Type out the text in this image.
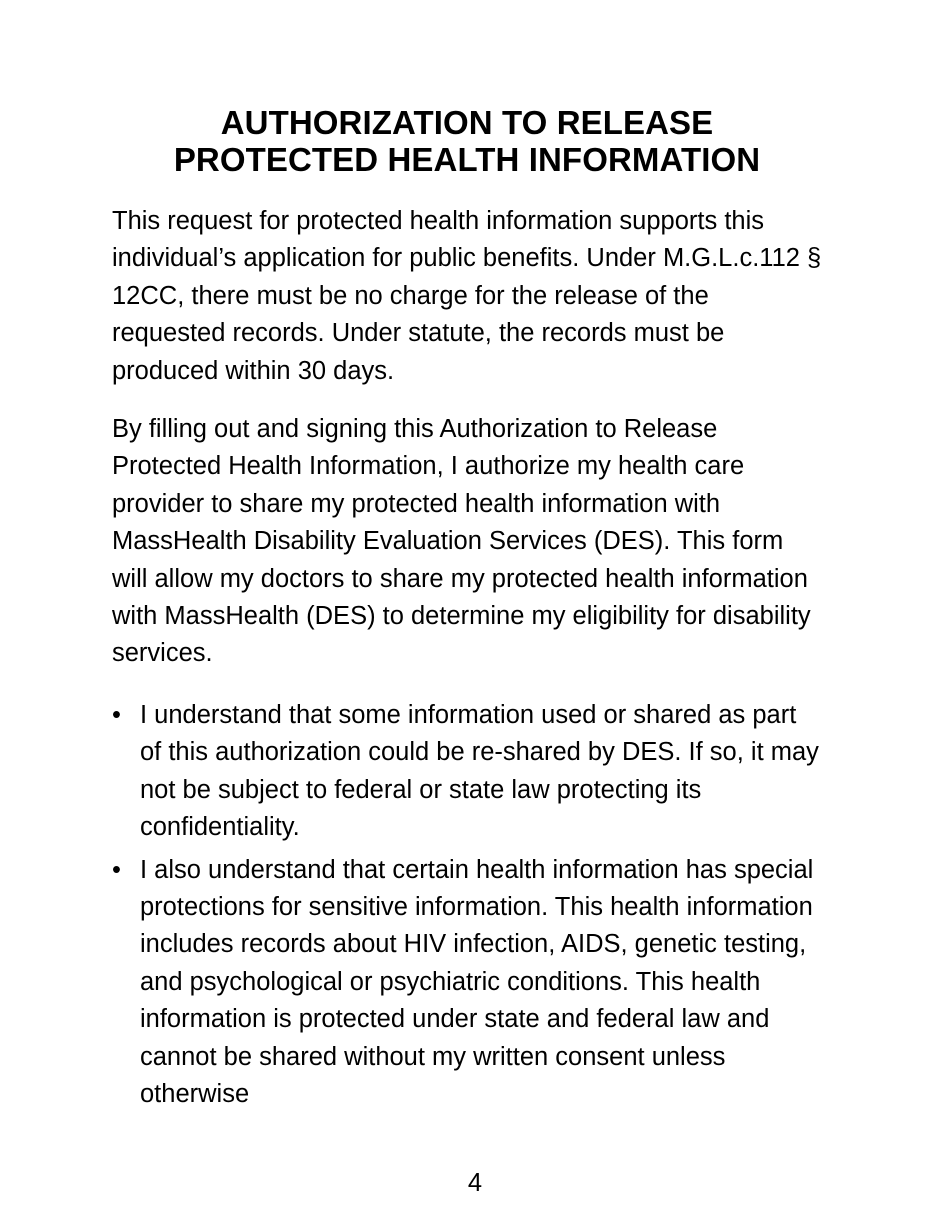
AUTHORIZATION TO RELEASE
PROTECTED HEALTH INFORMATION

This request for protected health information supports this individual’s application for public benefits. Under M.G.L.c.112 § 12CC, there must be no charge for the release of the requested records. Under statute, the records must be produced within 30 days.

By filling out and signing this Authorization to Release Protected Health Information, I authorize my health care provider to share my protected health information with MassHealth Disability Evaluation Services (DES). This form will allow my doctors to share my protected health information with MassHealth (DES) to determine my eligibility for disability services.

• I understand that some information used or shared as part of this authorization could be re-shared by DES. If so, it may not be subject to federal or state law protecting its confidentiality.
• I also understand that certain health information has special protections for sensitive information. This health information includes records about HIV infection, AIDS, genetic testing, and psychological or psychiatric conditions. This health information is protected under state and federal law and cannot be shared without my written consent unless otherwise
4
